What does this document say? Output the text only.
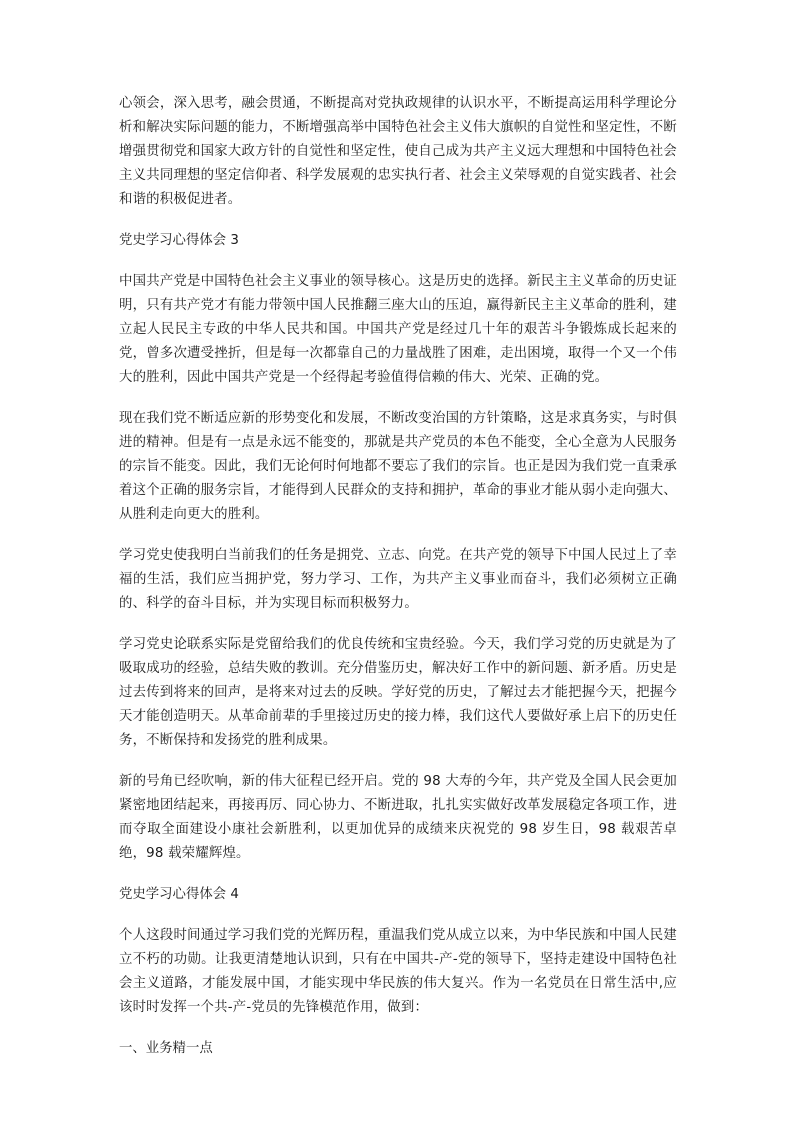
心领会，深入思考，融会贯通，不断提高对党执政规律的认识水平，不断提高运用科学理论分析和解决实际问题的能力，不断增强高举中国特色社会主义伟大旗帜的自觉性和坚定性，不断增强贯彻党和国家大政方针的自觉性和坚定性，使自己成为共产主义远大理想和中国特色社会主义共同理想的坚定信仰者、科学发展观的忠实执行者、社会主义荣辱观的自觉实践者、社会和谐的积极促进者。

党史学习心得体会 3

中国共产党是中国特色社会主义事业的领导核心。这是历史的选择。新民主主义革命的历史证明，只有共产党才有能力带领中国人民推翻三座大山的压迫，赢得新民主主义革命的胜利，建立起人民民主专政的中华人民共和国。中国共产党是经过几十年的艰苦斗争锻炼成长起来的党，曾多次遭受挫折，但是每一次都靠自己的力量战胜了困难，走出困境，取得一个又一个伟大的胜利，因此中国共产党是一个经得起考验值得信赖的伟大、光荣、正确的党。

现在我们党不断适应新的形势变化和发展，不断改变治国的方针策略，这是求真务实，与时俱进的精神。但是有一点是永远不能变的，那就是共产党员的本色不能变，全心全意为人民服务的宗旨不能变。因此，我们无论何时何地都不要忘了我们的宗旨。也正是因为我们党一直秉承着这个正确的服务宗旨，才能得到人民群众的支持和拥护，革命的事业才能从弱小走向强大、从胜利走向更大的胜利。

学习党史使我明白当前我们的任务是拥党、立志、向党。在共产党的领导下中国人民过上了幸福的生活，我们应当拥护党，努力学习、工作，为共产主义事业而奋斗，我们必须树立正确的、科学的奋斗目标，并为实现目标而积极努力。

学习党史论联系实际是党留给我们的优良传统和宝贵经验。今天，我们学习党的历史就是为了吸取成功的经验，总结失败的教训。充分借鉴历史，解决好工作中的新问题、新矛盾。历史是过去传到将来的回声，是将来对过去的反映。学好党的历史，了解过去才能把握今天，把握今天才能创造明天。从革命前辈的手里接过历史的接力棒，我们这代人要做好承上启下的历史任务，不断保持和发扬党的胜利成果。

新的号角已经吹响，新的伟大征程已经开启。党的 98 大寿的今年，共产党及全国人民会更加紧密地团结起来，再接再厉、同心协力、不断进取，扎扎实实做好改革发展稳定各项工作，进而夺取全面建设小康社会新胜利，以更加优异的成绩来庆祝党的 98 岁生日，98 载艰苦卓绝，98 载荣耀辉煌。

党史学习心得体会 4

个人这段时间通过学习我们党的光辉历程，重温我们党从成立以来，为中华民族和中国人民建立不朽的功勋。让我更清楚地认识到，只有在中国共-产-党的领导下，坚持走建设中国特色社会主义道路，才能发展中国，才能实现中华民族的伟大复兴。作为一名党员在日常生活中,应该时时发挥一个共-产-党员的先锋模范作用，做到：

一、业务精一点
